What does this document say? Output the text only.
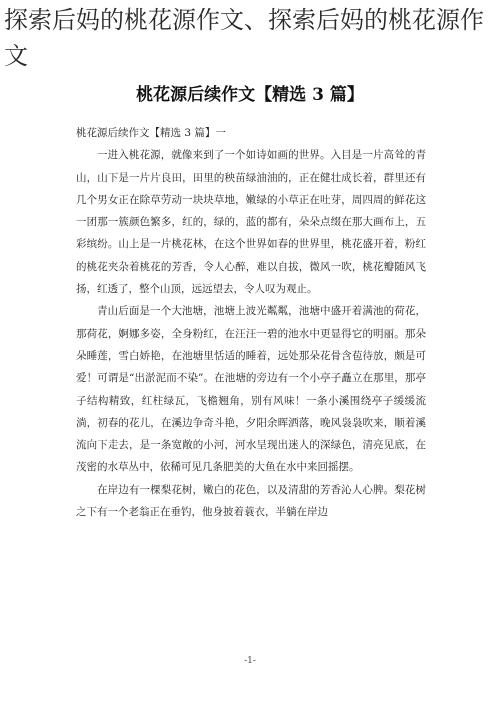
探索后妈的桃花源作文、探索后妈的桃花源作文
桃花源后续作文【精选 3 篇】

桃花源后续作文【精选 3 篇】一

一进入桃花源，就像来到了一个如诗如画的世界。入目是一片高耸的青山，山下是一片片良田，田里的秧苗绿油油的，正在健壮成长着，群里还有几个男女正在除草劳动一块块草地，嫩绿的小草正在吐芽，周四周的鲜花这一团那一簇颜色繁多，红的，绿的，蓝的都有，朵朵点缀在那大画布上，五彩缤纷。山上是一片桃花林，在这个世界如春的世界里，桃花盛开着，粉红的桃花夹杂着桃花的芳香，令人心醉，难以自拔，微风一吹，桃花瓣随风飞扬，红透了，整个山顶，远远望去，令人叹为观止。

青山后面是一个大池塘，池塘上波光粼粼，池塘中盛开着满池的荷花，那荷花，婀娜多姿，全身粉红，在汪汪一碧的池水中更显得它的明丽。那朵朵睡莲，雪白娇艳，在池塘里恬适的睡着，远处那朵花骨含苞待放，颇是可爱！可谓是“出淤泥而不染”。在池塘的旁边有一个小亭子矗立在那里，那亭子结构精致，红柱绿瓦，飞檐翘角，别有风味！一条小溪围绕亭子缓缓流淌，初春的花儿，在溪边争奇斗艳，夕阳余晖洒落，晚风袅袅吹来，顺着溪流向下走去，是一条宽敞的小河，河水呈现出迷人的深绿色，清亮见底，在茂密的水草丛中，依稀可见几条肥美的大鱼在水中来回摇摆。

在岸边有一棵梨花树，嫩白的花色，以及清甜的芳香沁人心脾。梨花树之下有一个老翁正在垂钓，他身披着蓑衣，半躺在岸边

-1-
